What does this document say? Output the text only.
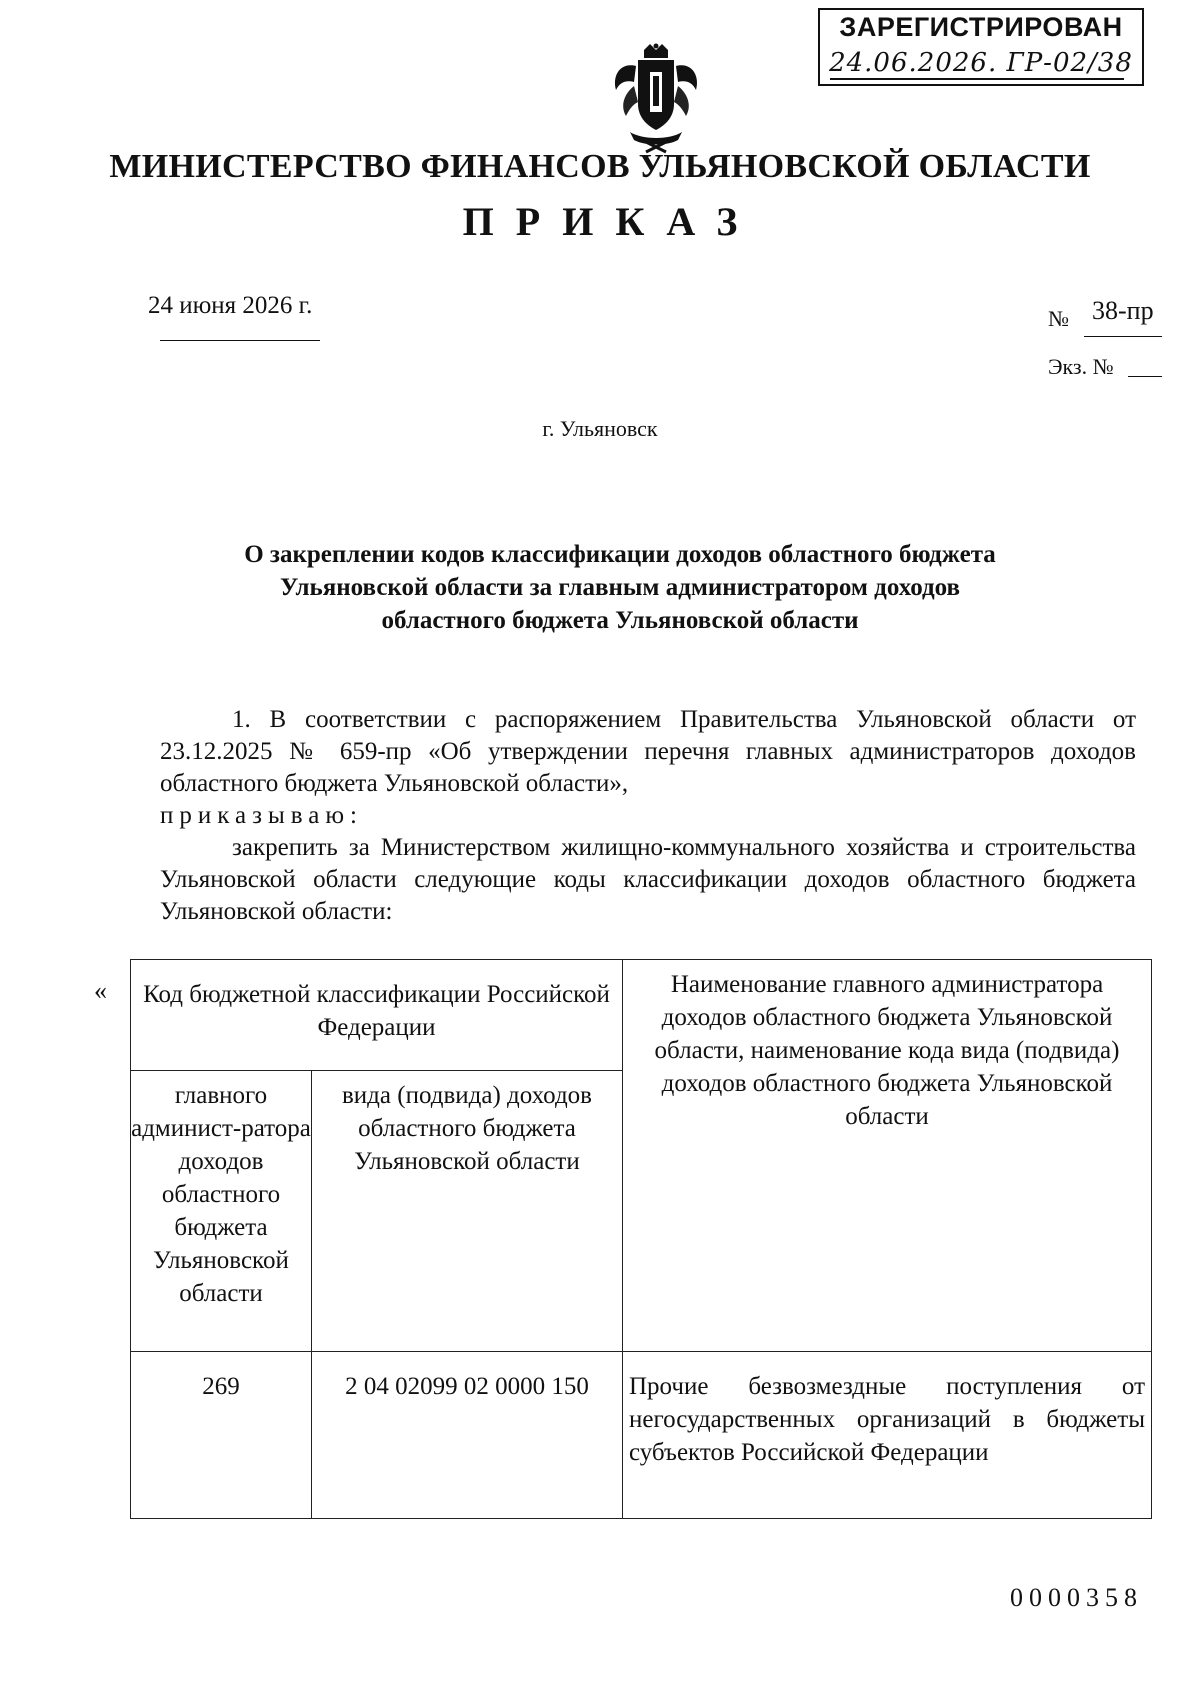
ЗАРЕГИСТРИРОВАН
24.06.2026. ГР-02/38
МИНИСТЕРСТВО ФИНАНСОВ УЛЬЯНОВСКОЙ ОБЛАСТИ
ПРИКАЗ
24 июня 2026 г.	№ 38-пр
Экз. №
г. Ульяновск
О закреплении кодов классификации доходов областного бюджета
Ульяновской области за главным администратором доходов
областного бюджета Ульяновской области

1. В соответствии с распоряжением Правительства Ульяновской области от 23.12.2025 № 659-пр «Об утверждении перечня главных администраторов доходов областного бюджета Ульяновской области»,

приказываю:

закрепить за Министерством жилищно-коммунального хозяйства и строительства Ульяновской области следующие коды классификации доходов областного бюджета Ульяновской области:

« Код бюджетной классификации Российской Федерации		Наименование главного администратора доходов областного бюджета Ульяновской области, наименование кода вида (подвида) доходов областного бюджета Ульяновской области
главного админист-ратора доходов областного бюджета Ульяновской области	вида (подвида) доходов областного бюджета Ульяновской области	
269	2 04 02099 02 0000 150	Прочие безвозмездные поступления от негосударственных организаций в бюджеты субъектов Российской Федерации
0000358
